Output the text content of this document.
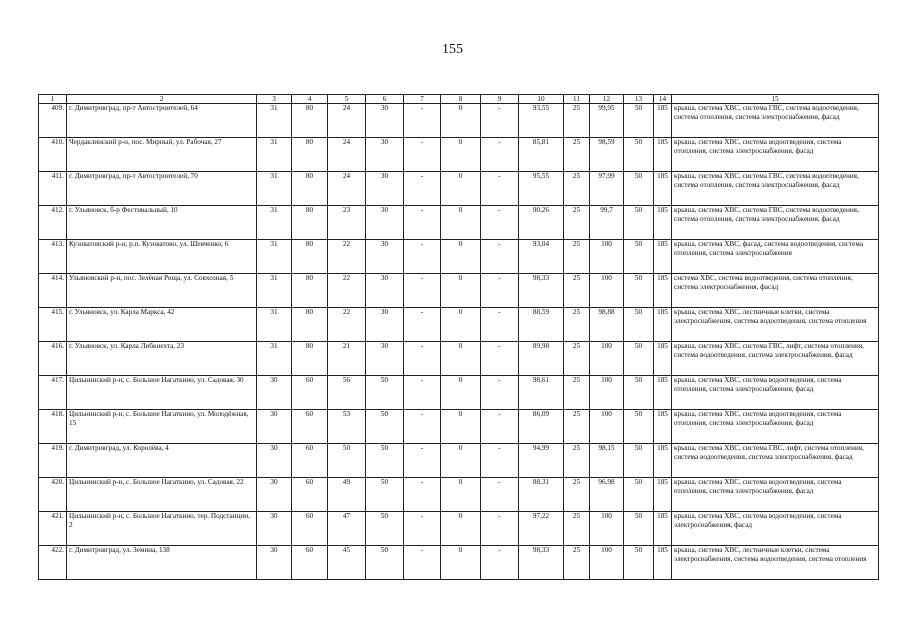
155
1	2	3	4	5	6	7	8	9	10	11	12	13	14	15
409.	г. Димитровград, пр-т Автостроителей, 64	31	80	24	30	-	0	-	93,55	25	99,95	50	185	крыша, система ХВС, система ГВС, система водоотведения, система отопления, система электроснабжения, фасад
410.	Чердаклинский р-н, пос. Мирный, ул. Рабочая, 27	31	80	24	30	-	0	-	85,81	25	98,59	50	185	крыша, система ХВС, система водоотведения, система отопления, система электроснабжения, фасад
411.	г. Димитровград, пр-т Автостроителей, 70	31	80	24	30	-	0	-	95,55	25	97,99	50	185	крыша, система ХВС, система ГВС, система водоотведения, система отопления, система электроснабжения, фасад
412.	г. Ульяновск, б-р Фестивальный, 10	31	80	23	30	-	0	-	90,26	25	99,7	50	185	крыша, система ХВС, система ГВС, система водоотведения, система отопления, система электроснабжения, фасад
413.	Кузоватовский р-н, р.п. Кузоватово, ул. Шевченко, 6	31	80	22	30	-	0	-	93,04	25	100	50	185	крыша, система ХВС, фасад, система водоотведения, система отопления, система электроснабжения
414.	Ульяновский р-н, пос. Зелёная Роща, ул. Совхозная, 5	31	80	22	30	-	0	-	98,33	25	100	50	185	система ХВС, система водоотведения, система отопления, система электроснабжения, фасад
415.	г. Ульяновск, ул. Карла Маркса, 42	31	80	22	30	-	0	-	88,59	25	98,88	50	185	крыша, система ХВС, лестничные клетки, система электроснабжения, система водоотведения, система отопления
416.	г. Ульяновск, ул. Карла Либкнехта, 23	31	80	21	30	-	0	-	89,98	25	100	50	185	крыша, система ХВС, система ГВС, лифт, система отопления, система водоотведения, система электроснабжения, фасад
417.	Цильнинский р-н, с. Большое Нагаткино, ул. Садовая, 30	30	60	56	50	-	0	-	98,61	25	100	50	185	крыша, система ХВС, система водоотведения, система отопления, система электроснабжения, фасад
418.	Цильнинский р-н, с. Большое Нагаткино, ул. Молодёжная, 15	30	60	53	50	-	0	-	86,09	25	100	50	185	крыша, система ХВС, система водоотведения, система отопления, система электроснабжения, фасад
419.	г. Димитровград, ул. Королёва, 4	30	60	50	50	-	0	-	94,99	25	98,15	50	185	крыша, система ХВС, система ГВС, лифт, система отопления, система водоотведения, система электроснабжения, фасад
420.	Цильнинский р-н, с. Большое Нагаткино, ул. Садовая, 22	30	60	49	50	-	0	-	88,31	25	96,98	50	185	крыша, система ХВС, система водоотведения, система отопления, система электроснабжения, фасад
421.	Цильнинский р-н, с. Большое Нагаткино, тер. Подстанции, 2	30	60	47	50	-	0	-	97,22	25	100	50	185	крыша, система ХВС, система водоотведения, система электроснабжения, фасад
422.	г. Димитровград, ул. Земина, 138	30	60	45	50	-	0	-	98,33	25	100	50	185	крыша, система ХВС, лестничные клетки, система электроснабжения, система водоотведения, система отопления
